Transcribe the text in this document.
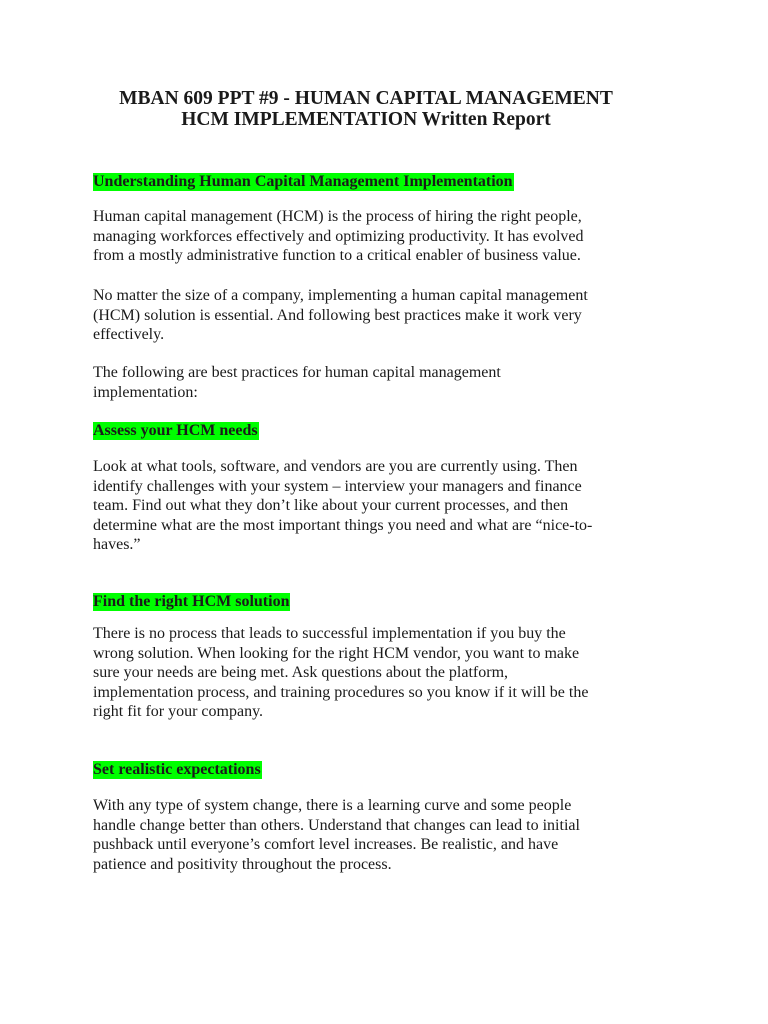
MBAN 609 PPT #9 - HUMAN CAPITAL MANAGEMENT
HCM IMPLEMENTATION Written Report
Understanding Human Capital Management Implementation
Human capital management (HCM) is the process of hiring the right people,
managing workforces effectively and optimizing productivity. It has evolved
from a mostly administrative function to a critical enabler of business value.
No matter the size of a company, implementing a human capital management
(HCM) solution is essential. And following best practices make it work very
effectively.
The following are best practices for human capital management
implementation:
Assess your HCM needs
Look at what tools, software, and vendors are you are currently using. Then
identify challenges with your system – interview your managers and finance
team. Find out what they don’t like about your current processes, and then
determine what are the most important things you need and what are “nice-to-
haves.”
Find the right HCM solution
There is no process that leads to successful implementation if you buy the
wrong solution. When looking for the right HCM vendor, you want to make
sure your needs are being met. Ask questions about the platform,
implementation process, and training procedures so you know if it will be the
right fit for your company.
Set realistic expectations
With any type of system change, there is a learning curve and some people
handle change better than others. Understand that changes can lead to initial
pushback until everyone’s comfort level increases. Be realistic, and have
patience and positivity throughout the process.
